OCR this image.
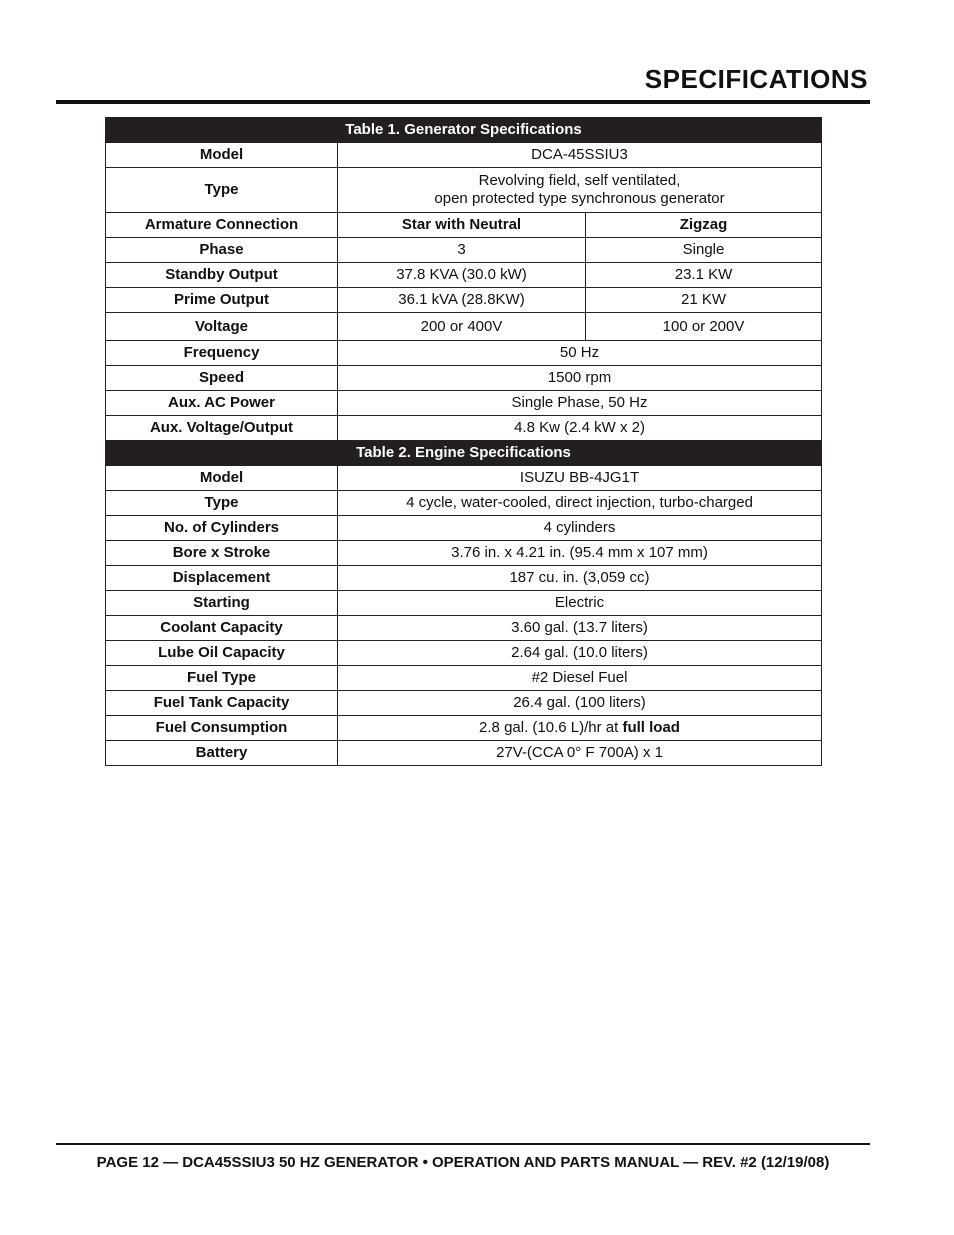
SPECIFICATIONS
Table 1. Generator Specifications		
Model	DCA-45SSIU3	
Type	Revolving field, self ventilated,
open protected type synchronous generator	

Armature Connection	Star with Neutral	Zigzag
Phase	3	Single
Standby Output	37.8 KVA (30.0 kW)	23.1 KW
Prime Output	36.1 kVA (28.8KW)	21 KW
Voltage	200 or 400V	100 or 200V
Frequency	50 Hz	
Speed	1500 rpm	
Aux. AC Power	Single Phase, 50 Hz	
Aux. Voltage/Output	4.8 Kw (2.4 kW x 2)	
Table 2. Engine Specifications		
Model	ISUZU BB-4JG1T	
Type	4 cycle, water-cooled, direct injection, turbo-charged	
No. of Cylinders	4 cylinders	
Bore x Stroke	3.76 in. x 4.21 in. (95.4 mm x 107 mm)	
Displacement	187 cu. in. (3,059 cc)	
Starting	Electric	
Coolant Capacity	3.60 gal. (13.7 liters)	
Lube Oil Capacity	2.64 gal. (10.0 liters)	
Fuel Type	#2 Diesel Fuel	
Fuel Tank Capacity	26.4 gal. (100 liters)	
Fuel Consumption	2.8 gal. (10.6 L)/hr at full load	
Battery	27V-(CCA 0° F 700A) x 1	
PAGE 12 — DCA45SSIU3 50 HZ GENERATOR • OPERATION AND PARTS MANUAL — REV. #2 (12/19/08)
